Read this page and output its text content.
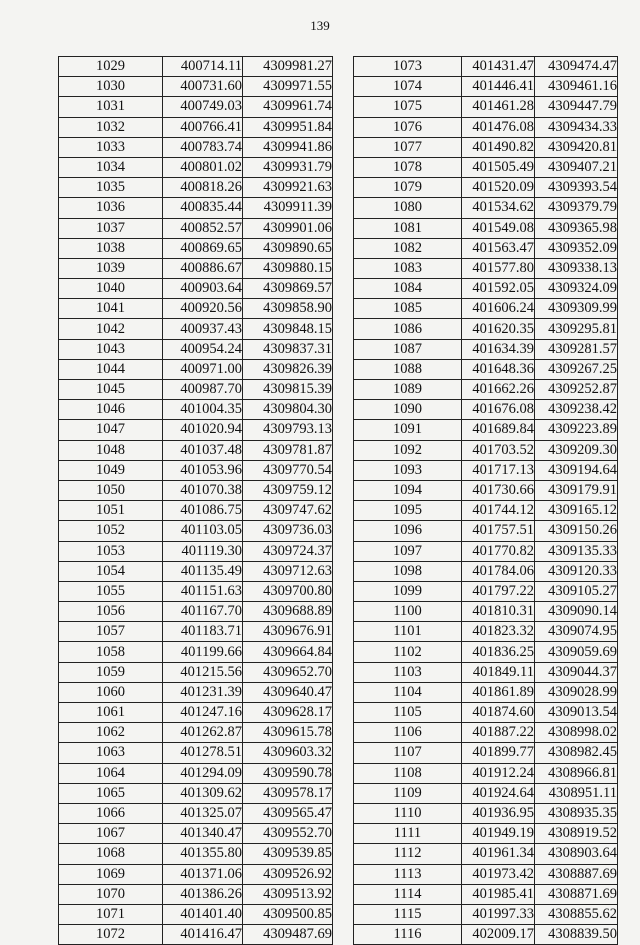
139
1029	400714.11	4309981.27
1030	400731.60	4309971.55
1031	400749.03	4309961.74
1032	400766.41	4309951.84
1033	400783.74	4309941.86
1034	400801.02	4309931.79
1035	400818.26	4309921.63
1036	400835.44	4309911.39
1037	400852.57	4309901.06
1038	400869.65	4309890.65
1039	400886.67	4309880.15
1040	400903.64	4309869.57
1041	400920.56	4309858.90
1042	400937.43	4309848.15
1043	400954.24	4309837.31
1044	400971.00	4309826.39
1045	400987.70	4309815.39
1046	401004.35	4309804.30
1047	401020.94	4309793.13
1048	401037.48	4309781.87
1049	401053.96	4309770.54
1050	401070.38	4309759.12
1051	401086.75	4309747.62
1052	401103.05	4309736.03
1053	401119.30	4309724.37
1054	401135.49	4309712.63
1055	401151.63	4309700.80
1056	401167.70	4309688.89
1057	401183.71	4309676.91
1058	401199.66	4309664.84
1059	401215.56	4309652.70
1060	401231.39	4309640.47
1061	401247.16	4309628.17
1062	401262.87	4309615.78
1063	401278.51	4309603.32
1064	401294.09	4309590.78
1065	401309.62	4309578.17
1066	401325.07	4309565.47
1067	401340.47	4309552.70
1068	401355.80	4309539.85
1069	401371.06	4309526.92
1070	401386.26	4309513.92
1071	401401.40	4309500.85
1072	401416.47	4309487.69
1073	401431.47	4309474.47
1074	401446.41	4309461.16
1075	401461.28	4309447.79
1076	401476.08	4309434.33
1077	401490.82	4309420.81
1078	401505.49	4309407.21
1079	401520.09	4309393.54
1080	401534.62	4309379.79
1081	401549.08	4309365.98
1082	401563.47	4309352.09
1083	401577.80	4309338.13
1084	401592.05	4309324.09
1085	401606.24	4309309.99
1086	401620.35	4309295.81
1087	401634.39	4309281.57
1088	401648.36	4309267.25
1089	401662.26	4309252.87
1090	401676.08	4309238.42
1091	401689.84	4309223.89
1092	401703.52	4309209.30
1093	401717.13	4309194.64
1094	401730.66	4309179.91
1095	401744.12	4309165.12
1096	401757.51	4309150.26
1097	401770.82	4309135.33
1098	401784.06	4309120.33
1099	401797.22	4309105.27
1100	401810.31	4309090.14
1101	401823.32	4309074.95
1102	401836.25	4309059.69
1103	401849.11	4309044.37
1104	401861.89	4309028.99
1105	401874.60	4309013.54
1106	401887.22	4308998.02
1107	401899.77	4308982.45
1108	401912.24	4308966.81
1109	401924.64	4308951.11
1110	401936.95	4308935.35
1111	401949.19	4308919.52
1112	401961.34	4308903.64
1113	401973.42	4308887.69
1114	401985.41	4308871.69
1115	401997.33	4308855.62
1116	402009.17	4308839.50
